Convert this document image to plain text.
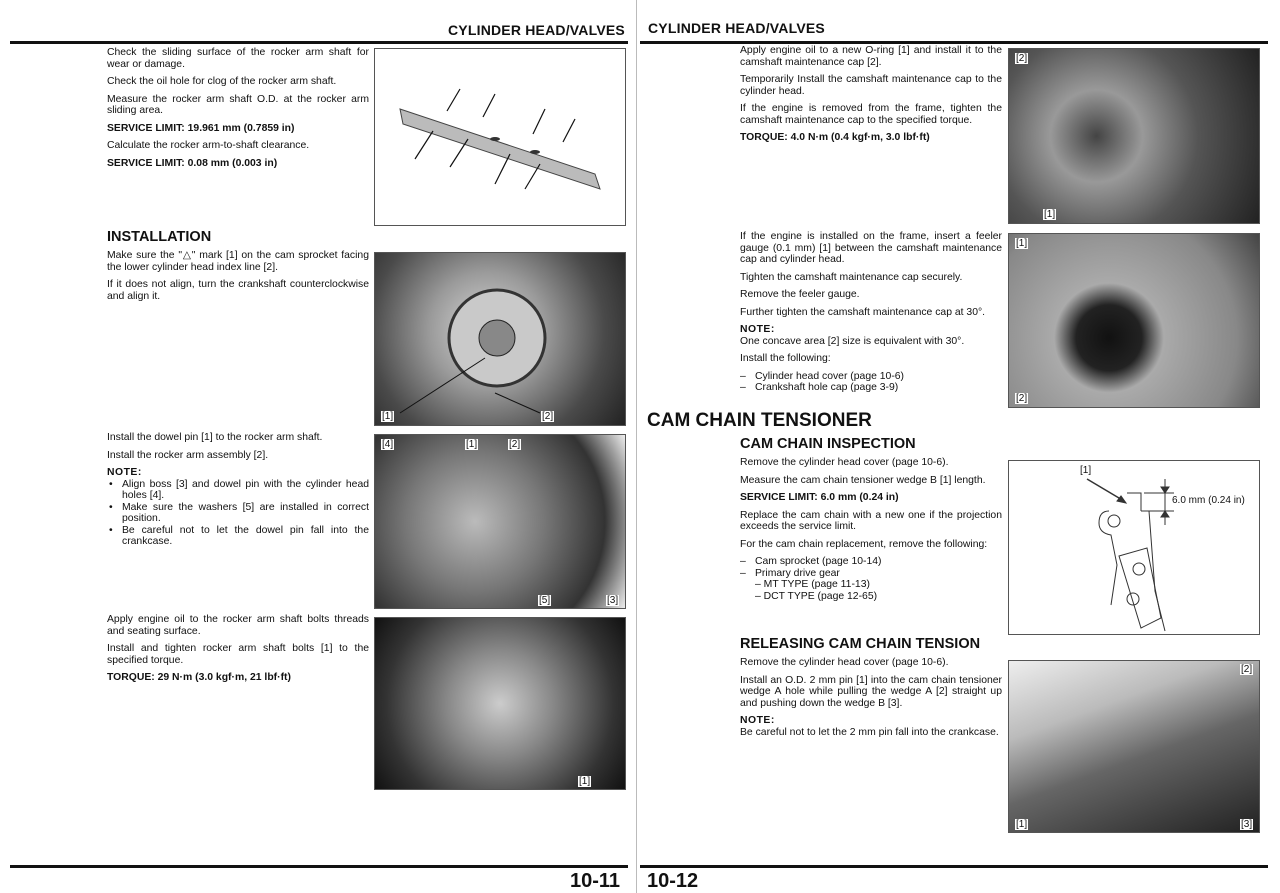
CYLINDER HEAD/VALVES

Check the sliding surface of the rocker arm shaft for wear or damage.

Check the oil hole for clog of the rocker arm shaft.

Measure the rocker arm shaft O.D. at the rocker arm sliding area.

SERVICE LIMIT: 19.961 mm (0.7859 in)

Calculate the rocker arm-to-shaft clearance.

SERVICE LIMIT: 0.08 mm (0.003 in)

INSTALLATION

Make sure the "△" mark [1] on the cam sprocket facing the lower cylinder head index line [2].

If it does not align, turn the crankshaft counterclockwise and align it.

[1]	[2]

Install the dowel pin [1] to the rocker arm shaft.

Install the rocker arm assembly [2].

NOTE:
• Align boss [3] and dowel pin with the cylinder head holes [4].
• Make sure the washers [5] are installed in correct position.
• Be careful not to let the dowel pin fall into the crankcase.
[4]	[1]	[2]
[5]	[3]

Apply engine oil to the rocker arm shaft bolts threads and seating surface.

Install and tighten rocker arm shaft bolts [1] to the specified torque.

TORQUE: 29 N·m (3.0 kgf·m, 21 lbf·ft)

[1]
10-11
CYLINDER HEAD/VALVES

Apply engine oil to a new O-ring [1] and install it to the camshaft maintenance cap [2].

Temporarily Install the camshaft maintenance cap to the cylinder head.

If the engine is removed from the frame, tighten the camshaft maintenance cap to the specified torque.

TORQUE: 4.0 N·m (0.4 kgf·m, 3.0 lbf·ft)

[2]
[1]

If the engine is installed on the frame, insert a feeler gauge (0.1 mm) [1] between the camshaft maintenance cap and cylinder head.

Tighten the camshaft maintenance cap securely.

Remove the feeler gauge.

Further tighten the camshaft maintenance cap at 30°.

NOTE:

One concave area [2] size is equivalent with 30°.

Install the following:

– Cylinder head cover (page 10-6)
– Crankshaft hole cap (page 3-9)
[1]
[2]
CAM CHAIN TENSIONER
CAM CHAIN INSPECTION

Remove the cylinder head cover (page 10-6).

Measure the cam chain tensioner wedge B [1] length.

SERVICE LIMIT: 6.0 mm (0.24 in)

Replace the cam chain with a new one if the projection exceeds the service limit.

For the cam chain replacement, remove the following:

– Cam sprocket (page 10-14)
– Primary drive gear
– MT TYPE (page 11-13)
– DCT TYPE (page 12-65)
[1]
6.0 mm (0.24 in)
RELEASING CAM CHAIN TENSION

Remove the cylinder head cover (page 10-6).

Install an O.D. 2 mm pin [1] into the cam chain tensioner wedge A hole while pulling the wedge A [2] straight up and pushing down the wedge B [3].

NOTE:

Be careful not to let the 2 mm pin fall into the crankcase.

[2]
[1]	[3]
10-12
